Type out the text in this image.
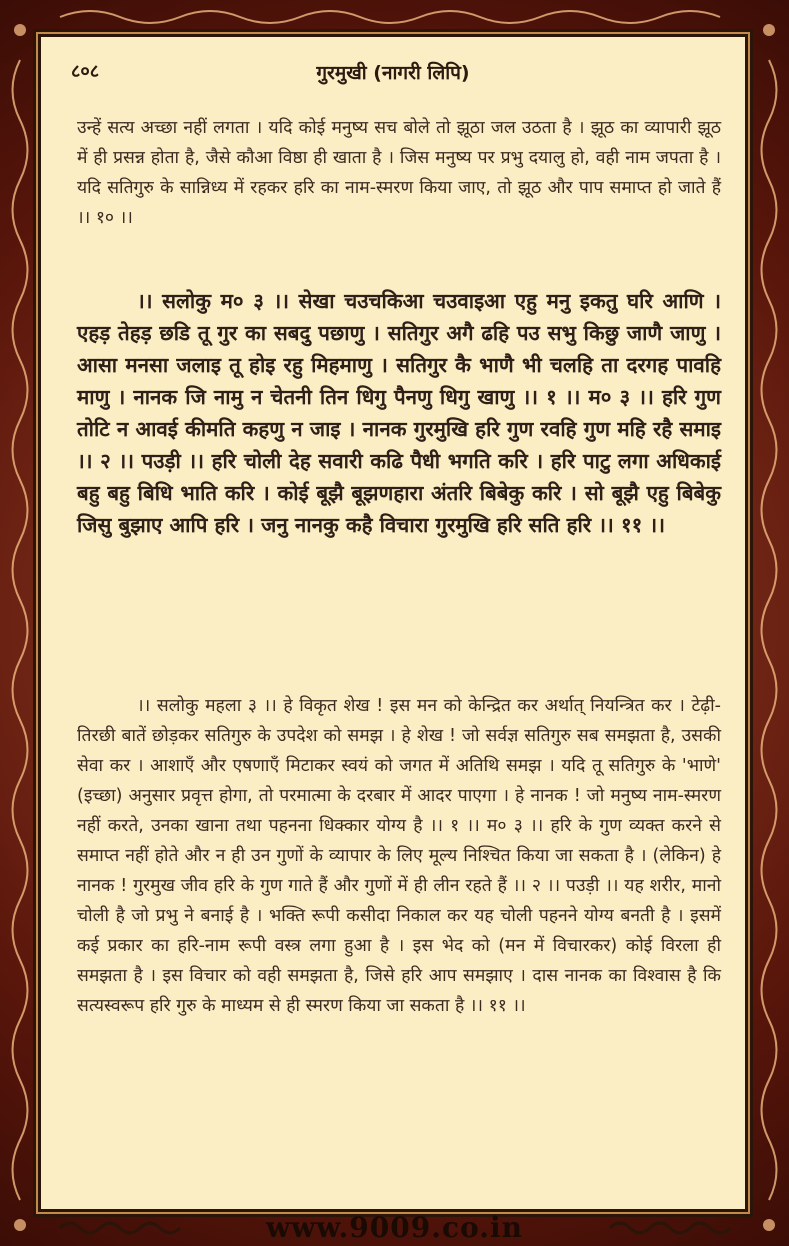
८०८	गुरमुखी (नागरी लिपि)
उन्हें सत्य अच्छा नहीं लगता । यदि कोई मनुष्य सच बोले तो झूठा जल उठता है । झूठ का व्यापारी झूठ में ही प्रसन्न होता है, जैसे कौआ विष्ठा ही खाता है । जिस मनुष्य पर प्रभु दयालु हो, वही नाम जपता है । यदि सतिगुरु के सान्निध्य में रहकर हरि का नाम-स्मरण किया जाए, तो झूठ और पाप समाप्त हो जाते हैं ।। १० ।।
।। सलोकु म० ३ ।। सेखा चउचकिआ चउवाइआ एहु मनु इकतु घरि आणि । एहड़ तेहड़ छडि तू गुर का सबदु पछाणु । सतिगुर अगै ढहि पउ सभु किछु जाणै जाणु । आसा मनसा जलाइ तू होइ रहु मिहमाणु । सतिगुर कै भाणै भी चलहि ता दरगह पावहि माणु । नानक जि नामु न चेतनी तिन धिगु पैनणु धिगु खाणु ।। १ ।। म० ३ ।। हरि गुण तोटि न आवई कीमति कहणु न जाइ । नानक गुरमुखि हरि गुण रवहि गुण महि रहै समाइ ।। २ ।। पउड़ी ।। हरि चोली देह सवारी कढि पैधी भगति करि । हरि पाटु लगा अधिकाई बहु बहु बिधि भाति करि । कोई बूझै बूझणहारा अंतरि बिबेकु करि । सो बूझै एहु बिबेकु जिसु बुझाए आपि हरि । जनु नानकु कहै विचारा गुरमुखि हरि सति हरि ।। ११ ।।
।। सलोकु महला ३ ।। हे विकृत शेख ! इस मन को केन्द्रित कर अर्थात् नियन्त्रित कर । टेढ़ी-तिरछी बातें छोड़कर सतिगुरु के उपदेश को समझ । हे शेख ! जो सर्वज्ञ सतिगुरु सब समझता है, उसकी सेवा कर । आशाएँ और एषणाएँ मिटाकर स्वयं को जगत में अतिथि समझ । यदि तू सतिगुरु के 'भाणे' (इच्छा) अनुसार प्रवृत्त होगा, तो परमात्मा के दरबार में आदर पाएगा । हे नानक ! जो मनुष्य नाम-स्मरण नहीं करते, उनका खाना तथा पहनना धिक्कार योग्य है ।। १ ।। म० ३ ।। हरि के गुण व्यक्त करने से समाप्त नहीं होते और न ही उन गुणों के व्यापार के लिए मूल्य निश्चित किया जा सकता है । (लेकिन) हे नानक ! गुरमुख जीव हरि के गुण गाते हैं और गुणों में ही लीन रहते हैं ।। २ ।। पउड़ी ।। यह शरीर, मानो चोली है जो प्रभु ने बनाई है । भक्ति रूपी कसीदा निकाल कर यह चोली पहनने योग्य बनती है । इसमें कई प्रकार का हरि-नाम रूपी वस्त्र लगा हुआ है । इस भेद को (मन में विचारकर) कोई विरला ही समझता है । इस विचार को वही समझता है, जिसे हरि आप समझाए । दास नानक का विश्वास है कि सत्यस्वरूप हरि गुरु के माध्यम से ही स्मरण किया जा सकता है ।। ११ ।।
www.9009.co.in
